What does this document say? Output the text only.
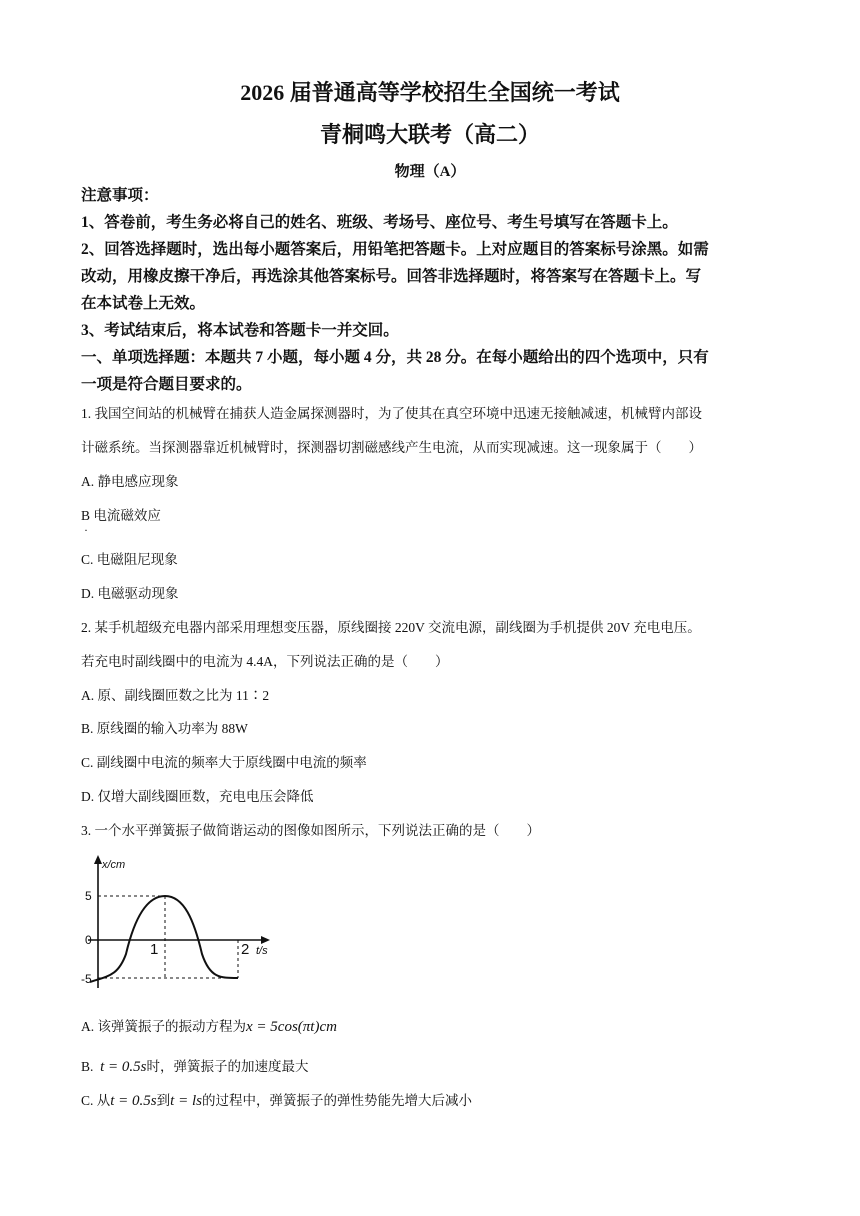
2026 届普通高等学校招生全国统一考试
青桐鸣大联考（高二）
物理（A）
注意事项：
1、答卷前，考生务必将自己的姓名、班级、考场号、座位号、考生号填写在答题卡上。
2、回答选择题时，选出每小题答案后，用铅笔把答题卡。上对应题目的答案标号涂黑。如需
改动，用橡皮擦干净后，再选涂其他答案标号。回答非选择题时，将答案写在答题卡上。写
在本试卷上无效。
3、考试结束后，将本试卷和答题卡一并交回。
一、单项选择题：本题共 7 小题，每小题 4 分，共 28 分。在每小题给出的四个选项中，只有
一项是符合题目要求的。
1. 我国空间站的机械臂在捕获人造金属探测器时，为了使其在真空环境中迅速无接触减速，机械臂内部设
计磁系统。当探测器靠近机械臂时，探测器切割磁感线产生电流，从而实现减速。这一现象属于（　　）
A. 静电感应现象
B 电流磁效应
·
C. 电磁阻尼现象
D. 电磁驱动现象
2. 某手机超级充电器内部采用理想变压器，原线圈接 220V 交流电源，副线圈为手机提供 20V 充电电压。
若充电时副线圈中的电流为 4.4A，下列说法正确的是（　　）
A. 原、副线圈匝数之比为 11∶2
B. 原线圈的输入功率为 88W
C. 副线圈中电流的频率大于原线圈中电流的频率
D. 仅增大副线圈匝数，充电电压会降低
3. 一个水平弹簧振子做简谐运动的图像如图所示，下列说法正确的是（　　）
x/cm
t/s
5
0
-5
1	2
A. 该弹簧振子的振动方程为x = 5cos(πt)cm
B.  t = 0.5s时，弹簧振子的加速度最大
C. 从t = 0.5s到t = ls的过程中，弹簧振子的弹性势能先增大后减小
